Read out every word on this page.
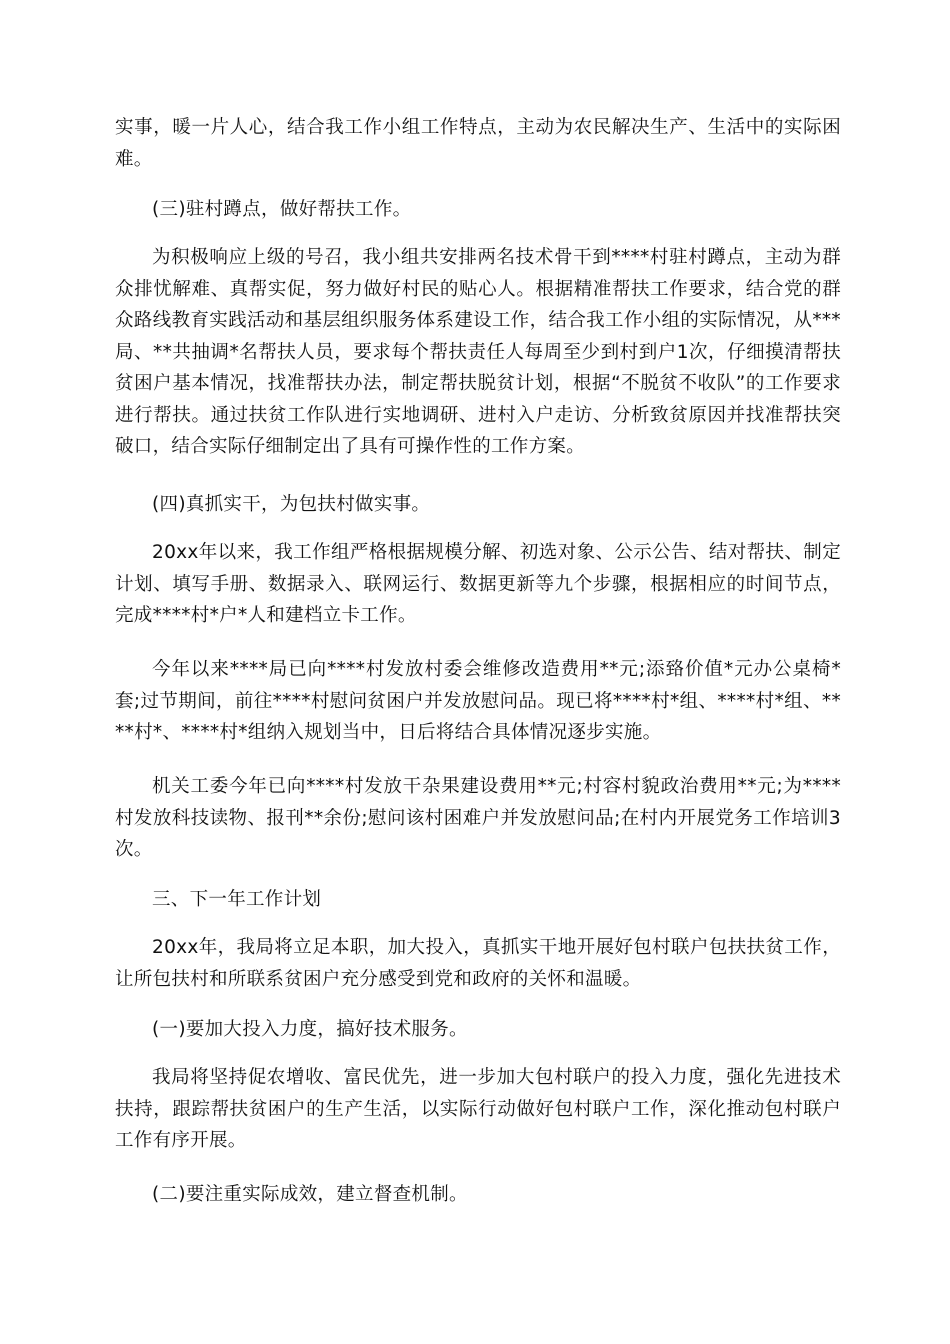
实事，暖一片人心，结合我工作小组工作特点，主动为农民解决生产、生活中的实际困难。

(三)驻村蹲点，做好帮扶工作。

为积极响应上级的号召，我小组共安排两名技术骨干到****村驻村蹲点，主动为群众排忧解难、真帮实促，努力做好村民的贴心人。根据精准帮扶工作要求，结合党的群众路线教育实践活动和基层组织服务体系建设工作，结合我工作小组的实际情况，从***局、**共抽调*名帮扶人员，要求每个帮扶责任人每周至少到村到户1次，仔细摸清帮扶贫困户基本情况，找准帮扶办法，制定帮扶脱贫计划，根据“不脱贫不收队”的工作要求进行帮扶。通过扶贫工作队进行实地调研、进村入户走访、分析致贫原因并找准帮扶突破口，结合实际仔细制定出了具有可操作性的工作方案。

(四)真抓实干，为包扶村做实事。

20xx年以来，我工作组严格根据规模分解、初选对象、公示公告、结对帮扶、制定计划、填写手册、数据录入、联网运行、数据更新等九个步骤，根据相应的时间节点，完成****村*户*人和建档立卡工作。

今年以来****局已向****村发放村委会维修改造费用**元;添臵价值*元办公桌椅*套;过节期间，前往****村慰问贫困户并发放慰问品。现已将****村*组、****村*组、****村*、****村*组纳入规划当中，日后将结合具体情况逐步实施。

机关工委今年已向****村发放干杂果建设费用**元;村容村貌政治费用**元;为****村发放科技读物、报刊**余份;慰问该村困难户并发放慰问品;在村内开展党务工作培训3次。

三、下一年工作计划

20xx年，我局将立足本职，加大投入，真抓实干地开展好包村联户包扶扶贫工作，让所包扶村和所联系贫困户充分感受到党和政府的关怀和温暖。

(一)要加大投入力度，搞好技术服务。

我局将坚持促农增收、富民优先，进一步加大包村联户的投入力度，强化先进技术扶持，跟踪帮扶贫困户的生产生活，以实际行动做好包村联户工作，深化推动包村联户工作有序开展。

(二)要注重实际成效，建立督查机制。
